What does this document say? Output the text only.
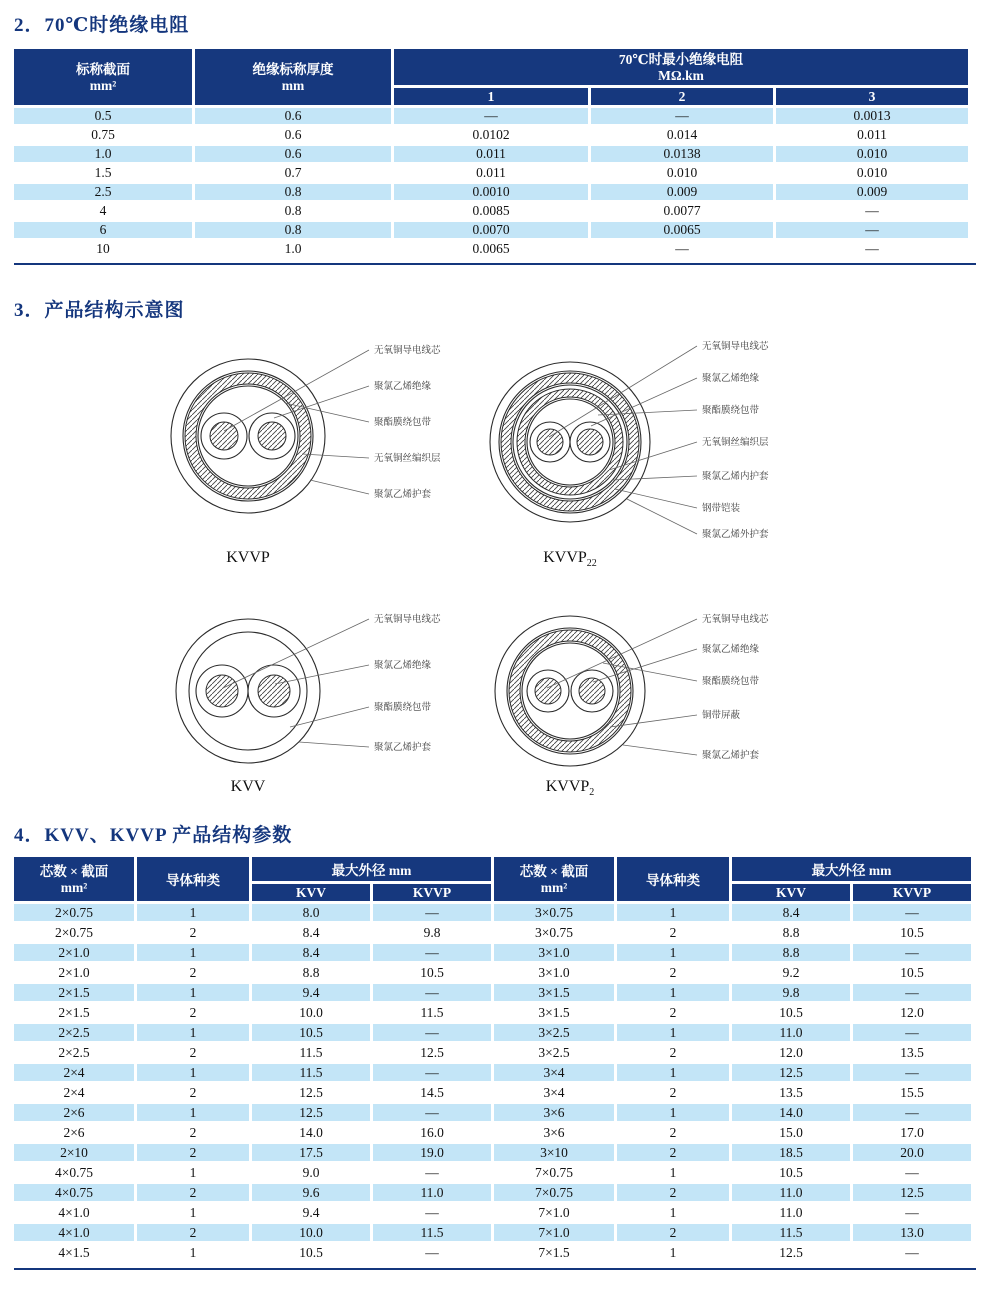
2．70℃时绝缘电阻
标称截面
mm²

绝缘标称厚度
mm

70℃时最小绝缘电阻
MΩ.km

		1	2	3
0.5	0.6	—	—	0.0013
0.75	0.6	0.0102	0.014	0.011
1.0	0.6	0.011	0.0138	0.010
1.5	0.7	0.011	0.010	0.010
2.5	0.8	0.0010	0.009	0.009
4	0.8	0.0085	0.0077	—
6	0.8	0.0070	0.0065	—
10	1.0	0.0065	—	—
3．产品结构示意图
无氧铜导电线芯
聚氯乙烯绝缘
聚酯膜绕包带
无氧铜丝编织层
聚氯乙烯护套
KVVP
无氧铜导电线芯
聚氯乙烯绝缘
聚酯膜绕包带
无氧铜丝编织层
聚氯乙烯内护套
钢带铠装
聚氯乙烯外护套
$KVVP_{22}$
无氧铜导电线芯
聚氯乙烯绝缘
聚酯膜绕包带
聚氯乙烯护套
KVV
无氧铜导电线芯
聚氯乙烯绝缘
聚酯膜绕包带
铜带屏蔽
聚氯乙烯护套
$KVVP_2$
4．KVV、KVVP 产品结构参数
芯数 × 截面
mm²	导体种类	最大外径 mm	芯数 × 截面
mm²	导体种类	最大外径 mm
		KVV	KVVP			KVV	KVVP
2×0.75	1	8.0	—	3×0.75	1	8.4	—
2×0.75	2	8.4	9.8	3×0.75	2	8.8	10.5
2×1.0	1	8.4	—	3×1.0	1	8.8	—
2×1.0	2	8.8	10.5	3×1.0	2	9.2	10.5
2×1.5	1	9.4	—	3×1.5	1	9.8	—
2×1.5	2	10.0	11.5	3×1.5	2	10.5	12.0
2×2.5	1	10.5	—	3×2.5	1	11.0	—
2×2.5	2	11.5	12.5	3×2.5	2	12.0	13.5
2×4	1	11.5	—	3×4	1	12.5	—
2×4	2	12.5	14.5	3×4	2	13.5	15.5
2×6	1	12.5	—	3×6	1	14.0	—
2×6	2	14.0	16.0	3×6	2	15.0	17.0
2×10	2	17.5	19.0	3×10	2	18.5	20.0
4×0.75	1	9.0	—	7×0.75	1	10.5	—
4×0.75	2	9.6	11.0	7×0.75	2	11.0	12.5
4×1.0	1	9.4	—	7×1.0	1	11.0	—
4×1.0	2	10.0	11.5	7×1.0	2	11.5	13.0
4×1.5	1	10.5	—	7×1.5	1	12.5	—
